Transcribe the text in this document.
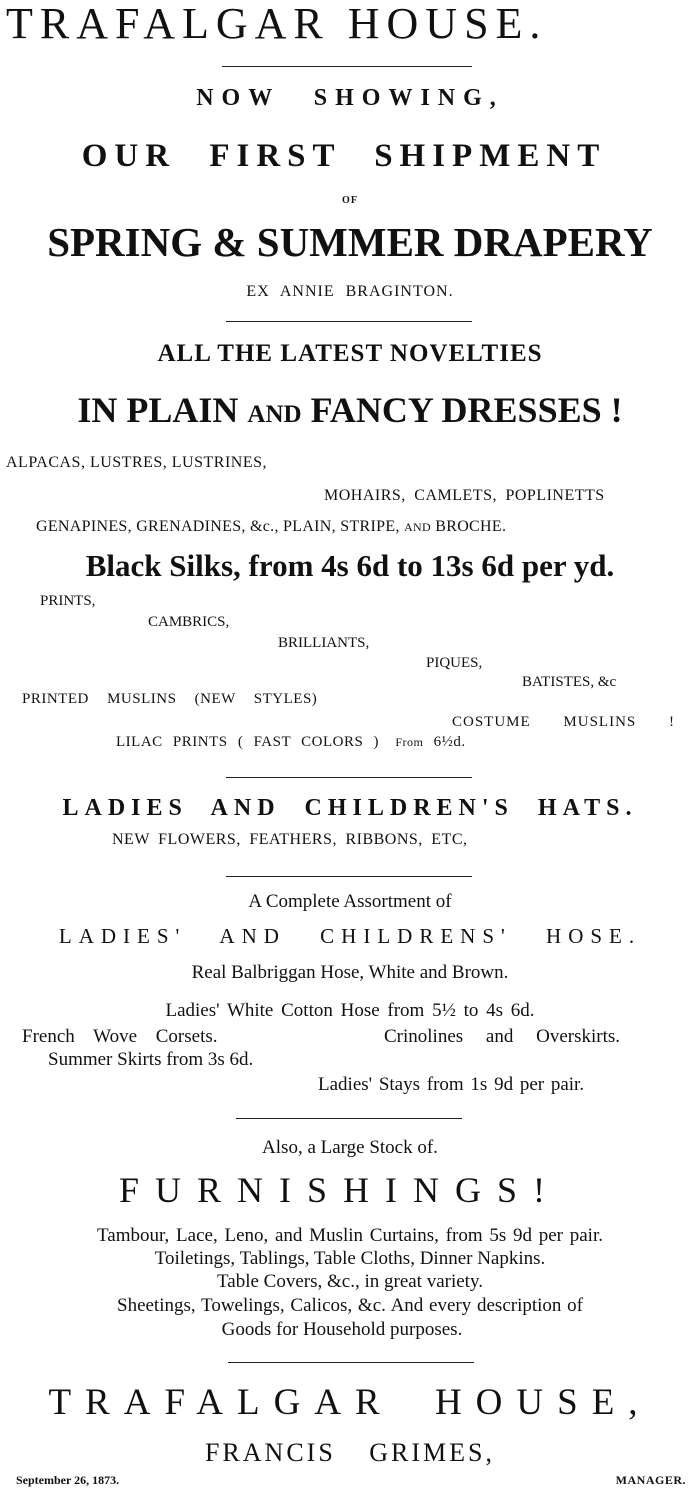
TRAFALGAR HOUSE.
NOW SHOWING,
OUR FIRST SHIPMENT
OF
SPRING & SUMMER DRAPERY
EX ANNIE BRAGINTON.
ALL THE LATEST NOVELTIES
IN PLAIN AND FANCY DRESSES !
ALPACAS, LUSTRES, LUSTRINES,
MOHAIRS, CAMLETS, POPLINETTS
GENAPINES, GRENADINES, &c., PLAIN, STRIPE, AND BROCHE.
Black Silks, from 4s 6d to 13s 6d per yd.
PRINTS,
CAMBRICS,
BRILLIANTS,
PIQUES,
BATISTES, &c
PRINTED MUSLINS (NEW STYLES)
COSTUME MUSLINS !
LILAC PRINTS ( FAST COLORS ) From 6½d.
LADIES AND CHILDREN'S HATS.
NEW FLOWERS, FEATHERS, RIBBONS, ETC,
A Complete Assortment of
LADIES' AND CHILDRENS' HOSE.
Real Balbriggan Hose, White and Brown.
Ladies' White Cotton Hose from 5½ to 4s 6d.
French Wove Corsets.	Crinolines and Overskirts.
Summer Skirts from 3s 6d.
Ladies' Stays from 1s 9d per pair.
Also, a Large Stock of.
FURNISHINGS!
Tambour, Lace, Leno, and Muslin Curtains, from 5s 9d per pair.
Toiletings, Tablings, Table Cloths, Dinner Napkins.
Table Covers, &c., in great variety.
Sheetings, Towelings, Calicos, &c. And every description of
Goods for Household purposes.
TRAFALGAR HOUSE,
FRANCIS GRIMES,
September 26, 1873.	MANAGER.
